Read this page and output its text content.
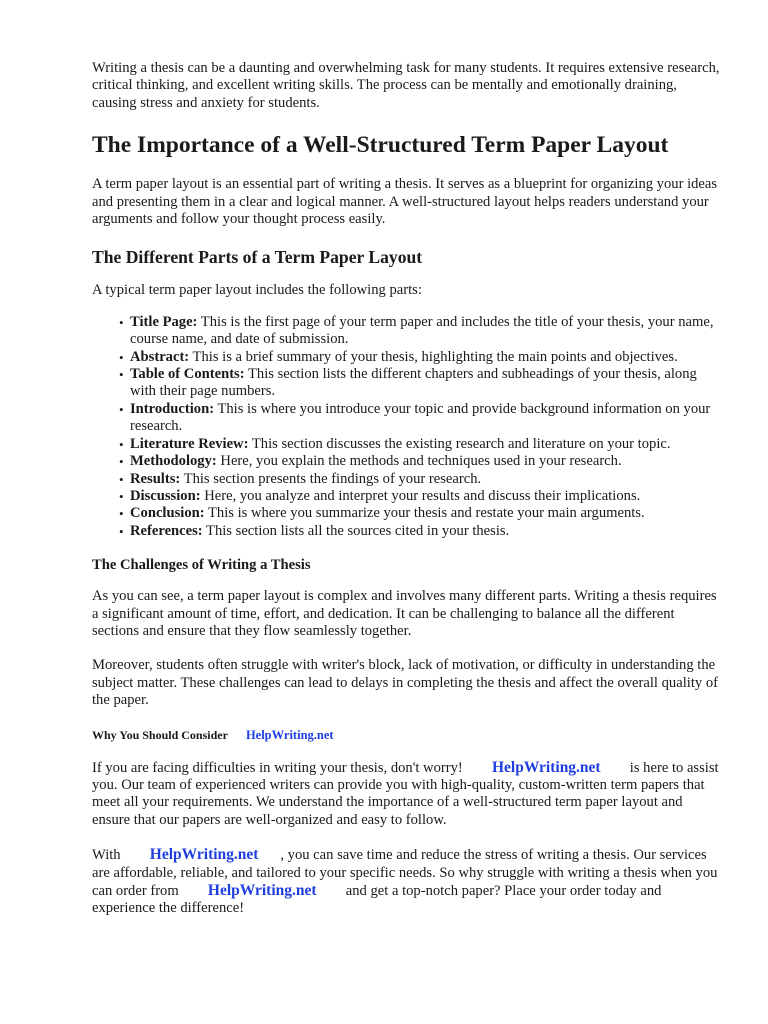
Writing a thesis can be a daunting and overwhelming task for many students. It requires extensive research, critical thinking, and excellent writing skills. The process can be mentally and emotionally draining, causing stress and anxiety for students.

The Importance of a Well-Structured Term Paper Layout

A term paper layout is an essential part of writing a thesis. It serves as a blueprint for organizing your ideas and presenting them in a clear and logical manner. A well-structured layout helps readers understand your arguments and follow your thought process easily.

The Different Parts of a Term Paper Layout

A typical term paper layout includes the following parts:

• Title Page: This is the first page of your term paper and includes the title of your thesis, your name, course name, and date of submission.
• Abstract: This is a brief summary of your thesis, highlighting the main points and objectives.
• Table of Contents: This section lists the different chapters and subheadings of your thesis, along with their page numbers.
• Introduction: This is where you introduce your topic and provide background information on your research.
• Literature Review: This section discusses the existing research and literature on your topic.
• Methodology: Here, you explain the methods and techniques used in your research.
• Results: This section presents the findings of your research.
• Discussion: Here, you analyze and interpret your results and discuss their implications.
• Conclusion: This is where you summarize your thesis and restate your main arguments.
• References: This section lists all the sources cited in your thesis.
The Challenges of Writing a Thesis

As you can see, a term paper layout is complex and involves many different parts. Writing a thesis requires a significant amount of time, effort, and dedication. It can be challenging to balance all the different sections and ensure that they flow seamlessly together.

Moreover, students often struggle with writer's block, lack of motivation, or difficulty in understanding the subject matter. These challenges can lead to delays in completing the thesis and affect the overall quality of the paper.

Why You Should Consider HelpWriting.net

If you are facing difficulties in writing your thesis, don't worry! HelpWriting.net is here to assist you. Our team of experienced writers can provide you with high-quality, custom-written term papers that meet all your requirements. We understand the importance of a well-structured term paper layout and ensure that our papers are well-organized and easy to follow.

With HelpWriting.net , you can save time and reduce the stress of writing a thesis. Our services are affordable, reliable, and tailored to your specific needs. So why struggle with writing a thesis when you can order from HelpWriting.net and get a top-notch paper? Place your order today and experience the difference!
